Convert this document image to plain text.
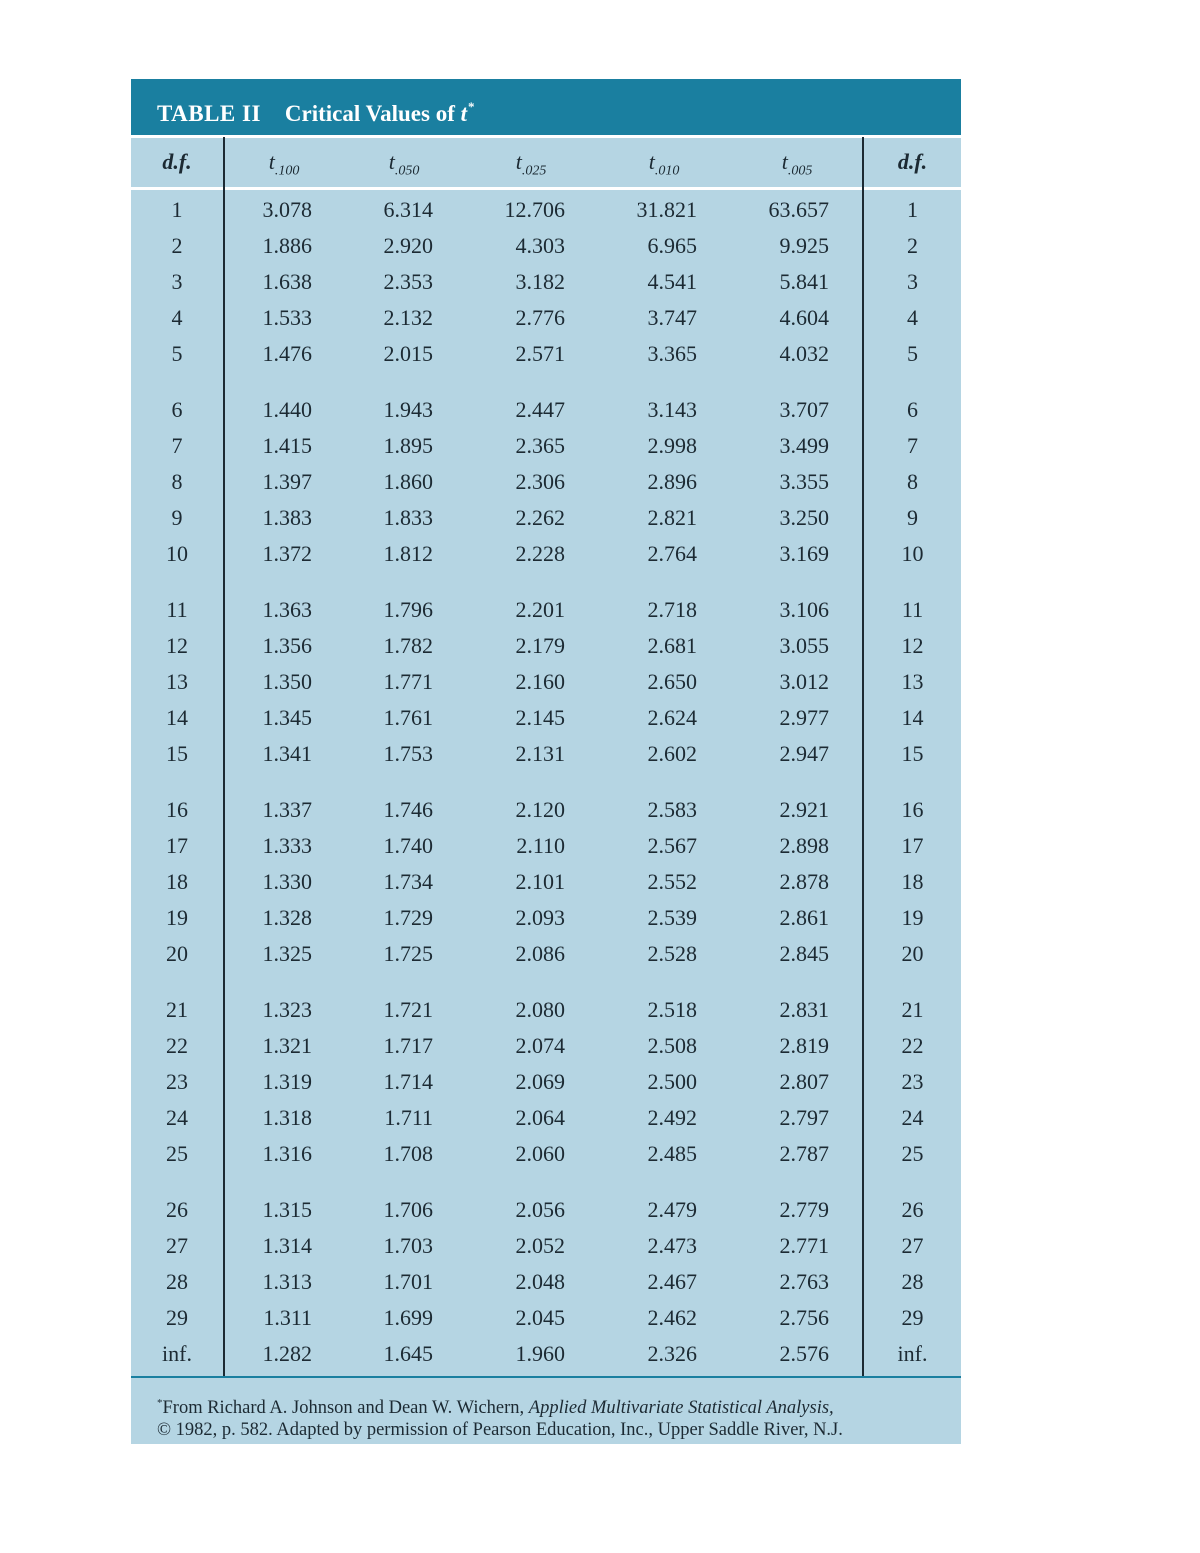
TABLE II Critical Values of t*
d.f.	$t_{.100}$	$t_{.050}$	$t_{.025}$	$t_{.010}$	$t_{.005}$	d.f.
1	3.078	6.314	12.706	31.821	63.657	1
2	1.886	2.920	4.303	6.965	9.925	2
3	1.638	2.353	3.182	4.541	5.841	3
4	1.533	2.132	2.776	3.747	4.604	4
5	1.476	2.015	2.571	3.365	4.032	5
6	1.440	1.943	2.447	3.143	3.707	6
7	1.415	1.895	2.365	2.998	3.499	7
8	1.397	1.860	2.306	2.896	3.355	8
9	1.383	1.833	2.262	2.821	3.250	9
10	1.372	1.812	2.228	2.764	3.169	10
11	1.363	1.796	2.201	2.718	3.106	11
12	1.356	1.782	2.179	2.681	3.055	12
13	1.350	1.771	2.160	2.650	3.012	13
14	1.345	1.761	2.145	2.624	2.977	14
15	1.341	1.753	2.131	2.602	2.947	15
16	1.337	1.746	2.120	2.583	2.921	16
17	1.333	1.740	2.110	2.567	2.898	17
18	1.330	1.734	2.101	2.552	2.878	18
19	1.328	1.729	2.093	2.539	2.861	19
20	1.325	1.725	2.086	2.528	2.845	20
21	1.323	1.721	2.080	2.518	2.831	21
22	1.321	1.717	2.074	2.508	2.819	22
23	1.319	1.714	2.069	2.500	2.807	23
24	1.318	1.711	2.064	2.492	2.797	24
25	1.316	1.708	2.060	2.485	2.787	25
26	1.315	1.706	2.056	2.479	2.779	26
27	1.314	1.703	2.052	2.473	2.771	27
28	1.313	1.701	2.048	2.467	2.763	28
29	1.311	1.699	2.045	2.462	2.756	29
inf.	1.282	1.645	1.960	2.326	2.576	inf.
*From Richard A. Johnson and Dean W. Wichern, Applied Multivariate Statistical Analysis,
© 1982, p. 582. Adapted by permission of Pearson Education, Inc., Upper Saddle River, N.J.
